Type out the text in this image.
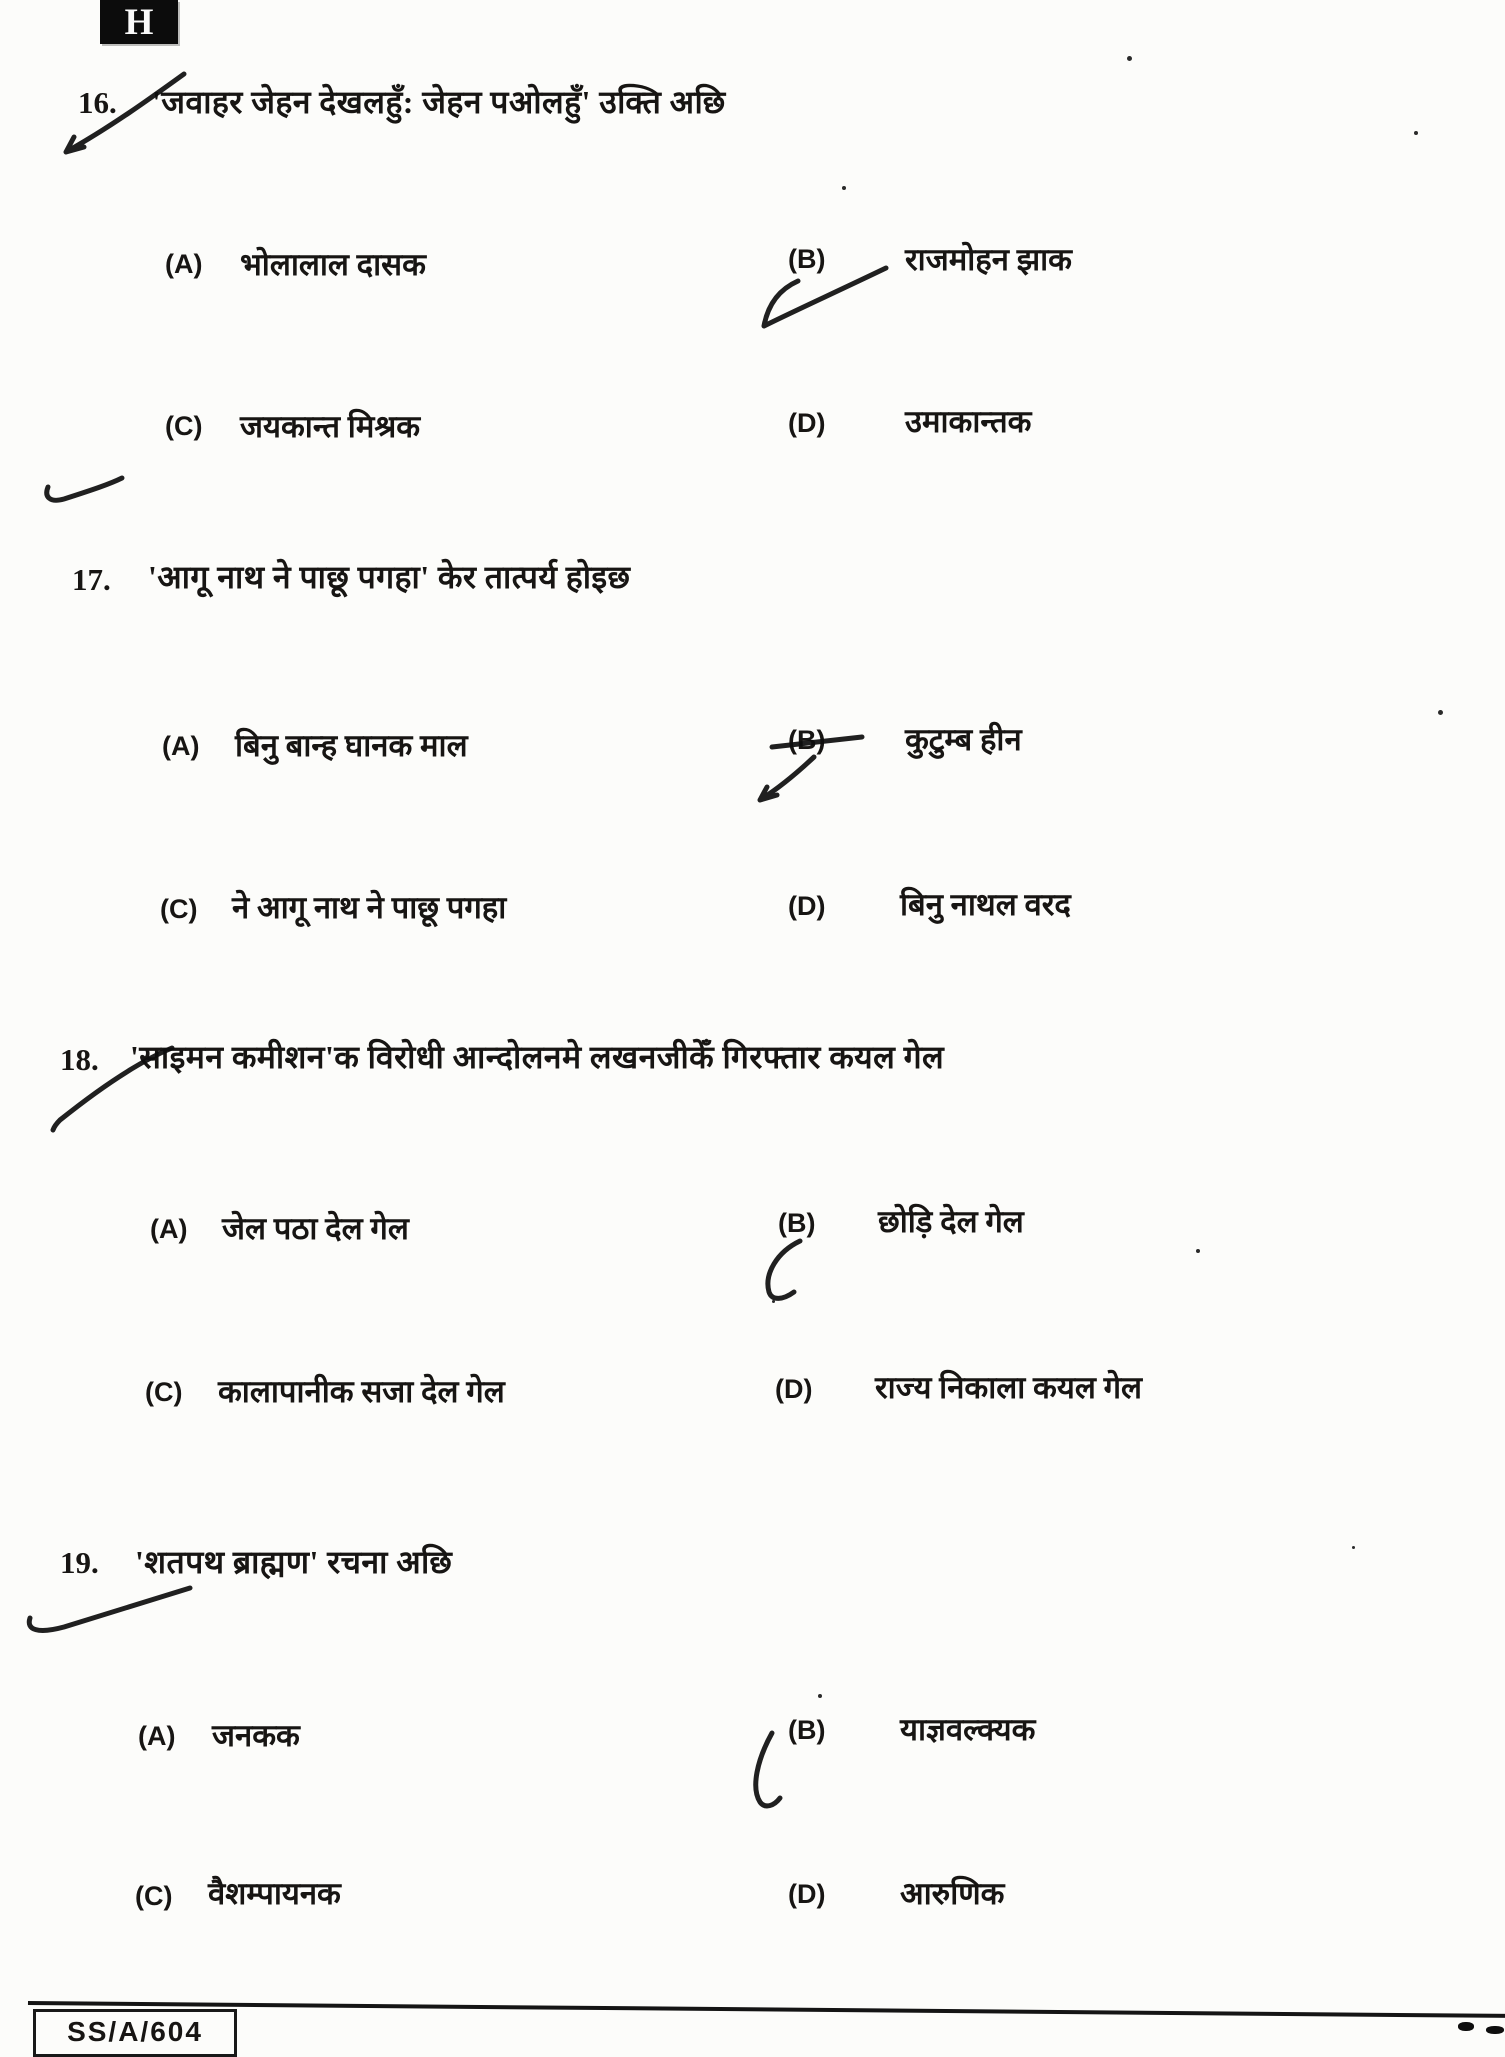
H
16. 'जवाहर जेहन देखलहुँ: जेहन पओलहुँ' उक्ति अछि
(A) भोलालाल दासक	(B)	राजमोहन झाक
(C) जयकान्त मिश्रक	(D)	उमाकान्तक
17. 'आगू नाथ ने पाछू पगहा' केर तात्पर्य होइछ
(A) बिनु बान्ह घानक माल	(B)	कुटुम्ब हीन
(C) ने आगू नाथ ने पाछू पगहा	(D) बिनु नाथल वरद
18. 'साइमन कमीशन'क विरोधी आन्दोलनमे लखनजीकेँ गिरफ्तार कयल गेल
(A) जेल पठा देल गेल	(B) छोड़ि देल गेल
(C) कालापानीक सजा देल गेल	(D) राज्य निकाला कयल गेल
19. 'शतपथ ब्राह्मण' रचना अछि
(A) जनकक	(B) याज्ञवल्क्यक
(C) वैशम्पायनक	(D) आरुणिक
SS/A/604
